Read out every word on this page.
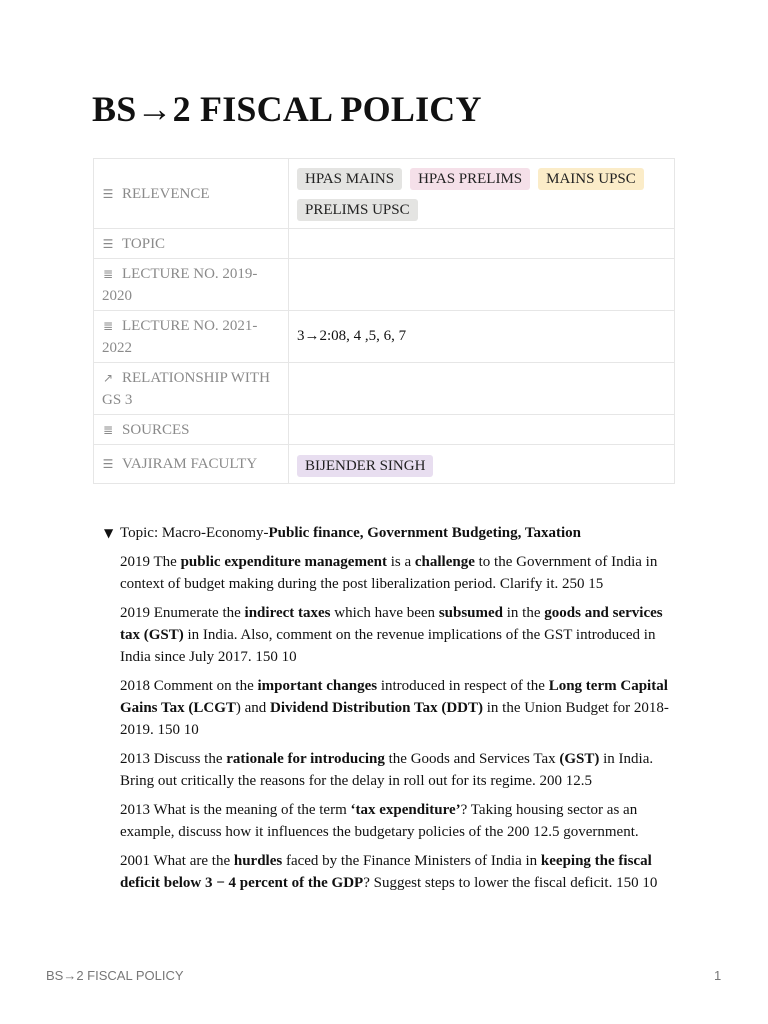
BS→2 FISCAL POLICY
☰ RELEVENCE	HPAS MAINS HPAS PRELIMS MAINS UPSCPRELIMS UPSC
☰ TOPIC	
≣ LECTURE NO. 2019-2020	
≣ LECTURE NO. 2021-2022	3→2:08, 4 ,5, 6, 7
↗ RELATIONSHIP WITH GS 3	
≣ SOURCES	
☰ VAJIRAM FACULTY	BIJENDER SINGH
▼ Topic: Macro-Economy-Public finance, Government Budgeting, Taxation

2019 The public expenditure management is a challenge to the Government of India in context of budget making during the post liberalization period. Clarify it. 250 15

2019 Enumerate the indirect taxes which have been subsumed in the goods and services tax (GST) in India. Also, comment on the revenue implications of the GST introduced in India since July 2017. 150 10

2018 Comment on the important changes introduced in respect of the Long term Capital Gains Tax (LCGT) and Dividend Distribution Tax (DDT) in the Union Budget for 2018-2019. 150 10

2013 Discuss the rationale for introducing the Goods and Services Tax (GST) in India. Bring out critically the reasons for the delay in roll out for its regime. 200 12.5

2013 What is the meaning of the term ‘tax expenditure’? Taking housing sector as an example, discuss how it influences the budgetary policies of the 200 12.5 government.

2001 What are the hurdles faced by the Finance Ministers of India in keeping the fiscal deficit below 3 − 4 percent of the GDP? Suggest steps to lower the fiscal deficit. 150 10

BS→2 FISCAL POLICY	1
